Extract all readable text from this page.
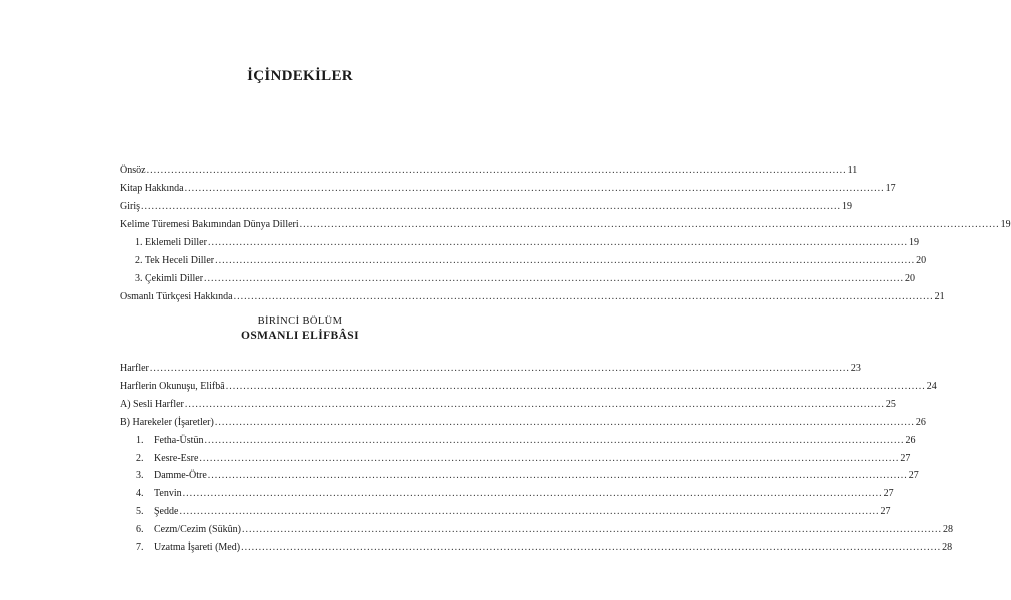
İÇİNDEKİLER
Önsöz ........................................................................................................................................................................................................ 11
Kitap Hakkında ........................................................................................................................................................................................................ 17
Giriş ........................................................................................................................................................................................................ 19
Kelime Türemesi Bakımından Dünya Dilleri ........................................................................................................................................................................................................ 19
1. Eklemeli Diller ........................................................................................................................................................................................................ 19
2. Tek Heceli Diller ........................................................................................................................................................................................................ 20
3. Çekimli Diller ........................................................................................................................................................................................................ 20
Osmanlı Türkçesi Hakkında ........................................................................................................................................................................................................ 21
BİRİNCİ BÖLÜM
OSMANLI ELİFBÂSI
Harfler ........................................................................................................................................................................................................ 23
Harflerin Okunuşu, Elifbâ ........................................................................................................................................................................................................ 24
A) Sesli Harfler ........................................................................................................................................................................................................ 25
B) Harekeler (İşaretler) ........................................................................................................................................................................................................ 26
1. Fetha-Üstün ........................................................................................................................................................................................................ 26
2. Kesre-Esre ........................................................................................................................................................................................................ 27
3. Damme-Ötre ........................................................................................................................................................................................................ 27
4. Tenvin ........................................................................................................................................................................................................ 27
5. Şedde ........................................................................................................................................................................................................ 27
6. Cezm/Cezim (Sükûn) ........................................................................................................................................................................................................ 28
7. Uzatma İşareti (Med) ........................................................................................................................................................................................................ 28
